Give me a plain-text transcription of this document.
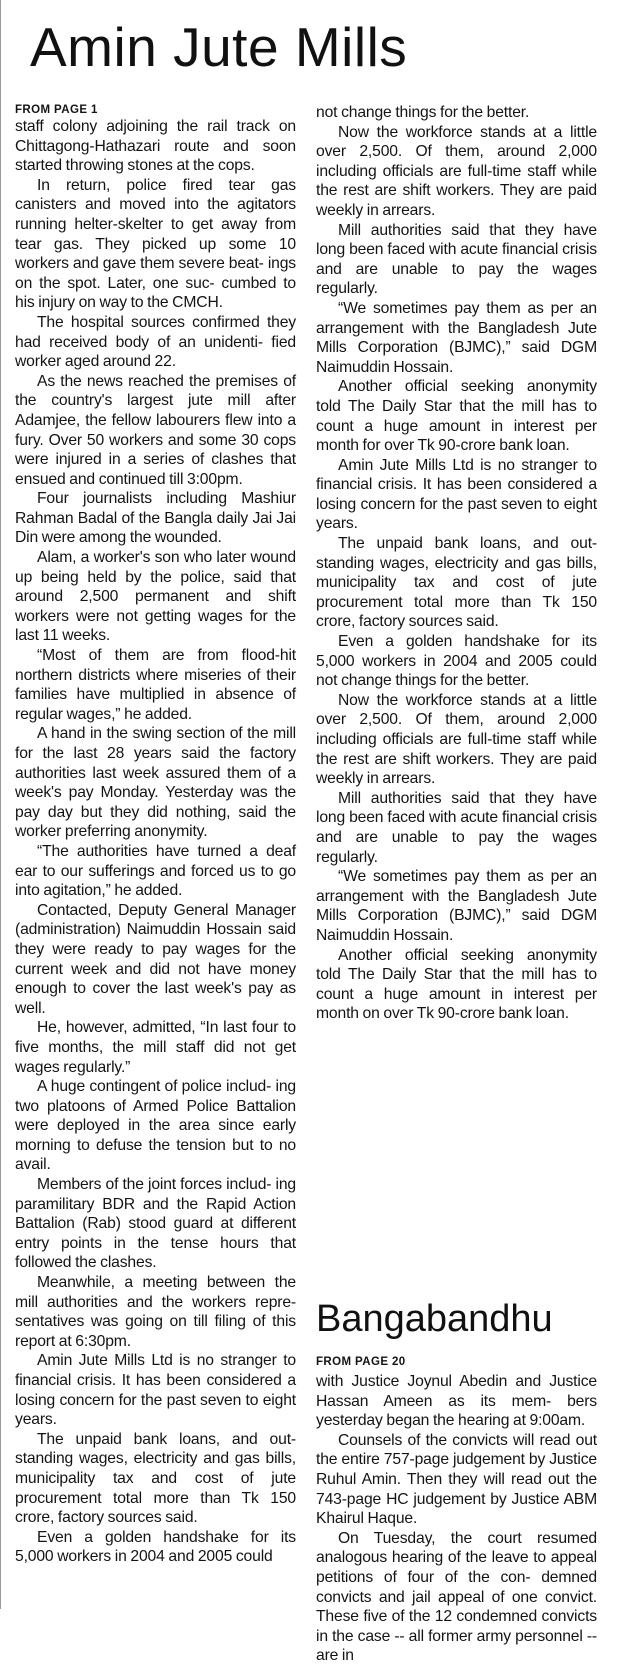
Amin Jute Mills
FROM PAGE 1

staff colony adjoining the rail track on Chittagong-Hathazari route and soon started throwing stones at the cops.

In return, police fired tear gas canisters and moved into the agitators running helter-skelter to get away from tear gas. They picked up some 10 workers and gave them severe beat- ings on the spot. Later, one suc- cumbed to his injury on way to the CMCH.

The hospital sources confirmed they had received body of an unidenti- fied worker aged around 22.

As the news reached the premises of the country's largest jute mill after Adamjee, the fellow labourers flew into a fury. Over 50 workers and some 30 cops were injured in a series of clashes that ensued and continued till 3:00pm.

Four journalists including Mashiur Rahman Badal of the Bangla daily Jai Jai Din were among the wounded.

Alam, a worker's son who later wound up being held by the police, said that around 2,500 permanent and shift workers were not getting wages for the last 11 weeks.

“Most of them are from flood-hit northern districts where miseries of their families have multiplied in absence of regular wages,” he added.

A hand in the swing section of the mill for the last 28 years said the factory authorities last week assured them of a week's pay Monday. Yesterday was the pay day but they did nothing, said the worker preferring anonymity.

“The authorities have turned a deaf ear to our sufferings and forced us to go into agitation,” he added.

Contacted, Deputy General Manager (administration) Naimuddin Hossain said they were ready to pay wages for the current week and did not have money enough to cover the last week's pay as well.

He, however, admitted, “In last four to five months, the mill staff did not get wages regularly.”

A huge contingent of police includ- ing two platoons of Armed Police Battalion were deployed in the area since early morning to defuse the tension but to no avail.

Members of the joint forces includ- ing paramilitary BDR and the Rapid Action Battalion (Rab) stood guard at different entry points in the tense hours that followed the clashes.

Meanwhile, a meeting between the mill authorities and the workers repre- sentatives was going on till filing of this report at 6:30pm.

Amin Jute Mills Ltd is no stranger to financial crisis. It has been considered a losing concern for the past seven to eight years.

The unpaid bank loans, and out- standing wages, electricity and gas bills, municipality tax and cost of jute procurement total more than Tk 150 crore, factory sources said.

Even a golden handshake for its 5,000 workers in 2004 and 2005 could

not change things for the better.

Now the workforce stands at a little over 2,500. Of them, around 2,000 including officials are full-time staff while the rest are shift workers. They are paid weekly in arrears.

Mill authorities said that they have long been faced with acute financial crisis and are unable to pay the wages regularly.

“We sometimes pay them as per an arrangement with the Bangladesh Jute Mills Corporation (BJMC),” said DGM Naimuddin Hossain.

Another official seeking anonymity told The Daily Star that the mill has to count a huge amount in interest per month for over Tk 90-crore bank loan.

Amin Jute Mills Ltd is no stranger to financial crisis. It has been considered a losing concern for the past seven to eight years.

The unpaid bank loans, and out- standing wages, electricity and gas bills, municipality tax and cost of jute procurement total more than Tk 150 crore, factory sources said.

Even a golden handshake for its 5,000 workers in 2004 and 2005 could not change things for the better.

Now the workforce stands at a little over 2,500. Of them, around 2,000 including officials are full-time staff while the rest are shift workers. They are paid weekly in arrears.

Mill authorities said that they have long been faced with acute financial crisis and are unable to pay the wages regularly.

“We sometimes pay them as per an arrangement with the Bangladesh Jute Mills Corporation (BJMC),” said DGM Naimuddin Hossain.

Another official seeking anonymity told The Daily Star that the mill has to count a huge amount in interest per month on over Tk 90-crore bank loan.

Bangabandhu
FROM PAGE 20

with Justice Joynul Abedin and Justice Hassan Ameen as its mem- bers yesterday began the hearing at 9:00am.

Counsels of the convicts will read out the entire 757-page judgement by Justice Ruhul Amin. Then they will read out the 743-page HC judgement by Justice ABM Khairul Haque.

On Tuesday, the court resumed analogous hearing of the leave to appeal petitions of four of the con- demned convicts and jail appeal of one convict. These five of the 12 condemned convicts in the case -- all former army personnel -- are in
